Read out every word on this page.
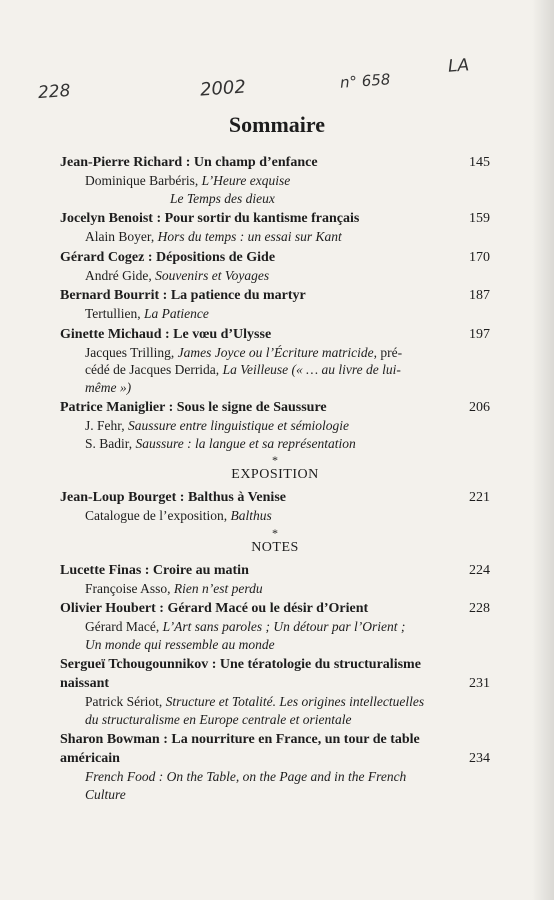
228	2002	n° 658
LA
Sommaire
Jean-Pierre Richard : Un champ d’enfance	145
Dominique Barbéris, L’Heure exquise
Le Temps des dieux
Jocelyn Benoist : Pour sortir du kantisme français	159
Alain Boyer, Hors du temps : un essai sur Kant
Gérard Cogez : Dépositions de Gide	170
André Gide, Souvenirs et Voyages
Bernard Bourrit : La patience du martyr	187
Tertullien, La Patience
Ginette Michaud : Le vœu d’Ulysse	197
Jacques Trilling, James Joyce ou l’Écriture matricide, pré-
cédé de Jacques Derrida, La Veilleuse (« … au livre de lui-
même »)
Patrice Maniglier : Sous le signe de Saussure	206
J. Fehr, Saussure entre linguistique et sémiologie
S. Badir, Saussure : la langue et sa représentation
*
EXPOSITION
Jean-Loup Bourget : Balthus à Venise	221
Catalogue de l’exposition, Balthus
*
NOTES
Lucette Finas : Croire au matin	224
Françoise Asso, Rien n’est perdu
Olivier Houbert : Gérard Macé ou le désir d’Orient	228
Gérard Macé, L’Art sans paroles ; Un détour par l’Orient ;
Un monde qui ressemble au monde
Sergueï Tchougounnikov : Une tératologie du structuralisme naissant	231
Patrick Sériot, Structure et Totalité. Les origines intellectuelles
du structuralisme en Europe centrale et orientale
Sharon Bowman : La nourriture en France, un tour de table américain	234
French Food : On the Table, on the Page and in the French
Culture
